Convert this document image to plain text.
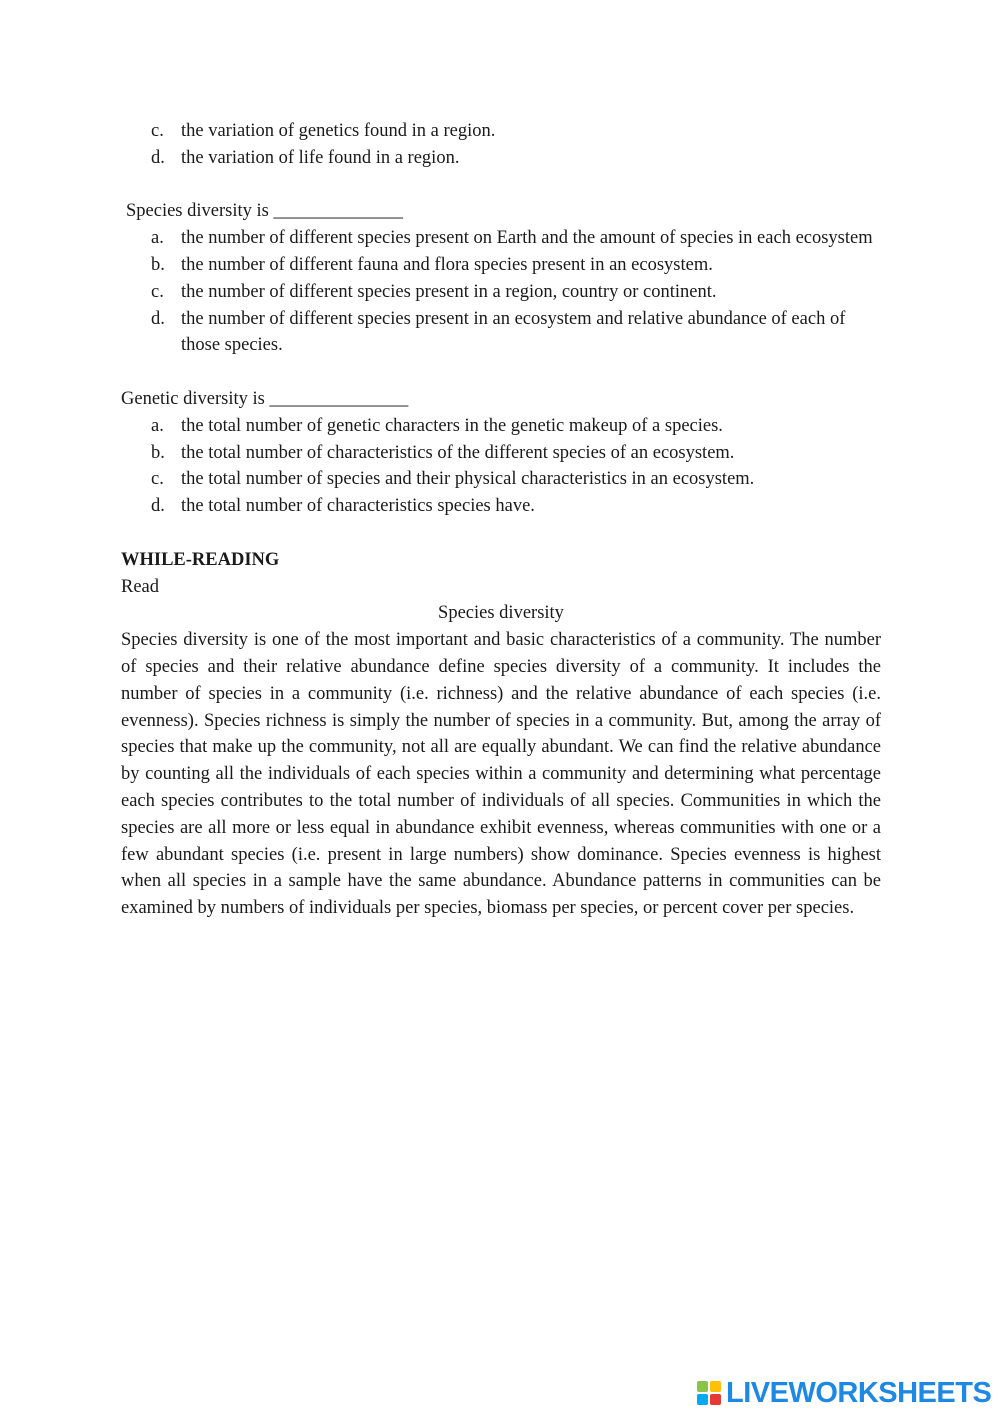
c. the variation of genetics found in a region.
d. the variation of life found in a region.
Species diversity is ______________
a. the number of different species present on Earth and the amount of species in each ecosystem
b. the number of different fauna and flora species present in an ecosystem.
c. the number of different species present in a region, country or continent.
d. the number of different species present in an ecosystem and relative abundance of each of those species.
Genetic diversity is _______________
a. the total number of genetic characters in the genetic makeup of a species.
b. the total number of characteristics of the different species of an ecosystem.
c. the total number of species and their physical characteristics in an ecosystem.
d. the total number of characteristics species have.
WHILE-READING
Read
Species diversity
Species diversity is one of the most important and basic characteristics of a community. The number of species and their relative abundance define species diversity of a community. It includes the number of species in a community (i.e. richness) and the relative abundance of each species (i.e. evenness). Species richness is simply the number of species in a community. But, among the array of species that make up the community, not all are equally abundant. We can find the relative abundance by counting all the individuals of each species within a community and determining what percentage each species contributes to the total number of individuals of all species. Communities in which the species are all more or less equal in abundance exhibit evenness, whereas communities with one or a few abundant species (i.e. present in large numbers) show dominance. Species evenness is highest when all species in a sample have the same abundance. Abundance patterns in communities can be examined by numbers of individuals per species, biomass per species, or percent cover per species.
LIVEWORKSHEETS
